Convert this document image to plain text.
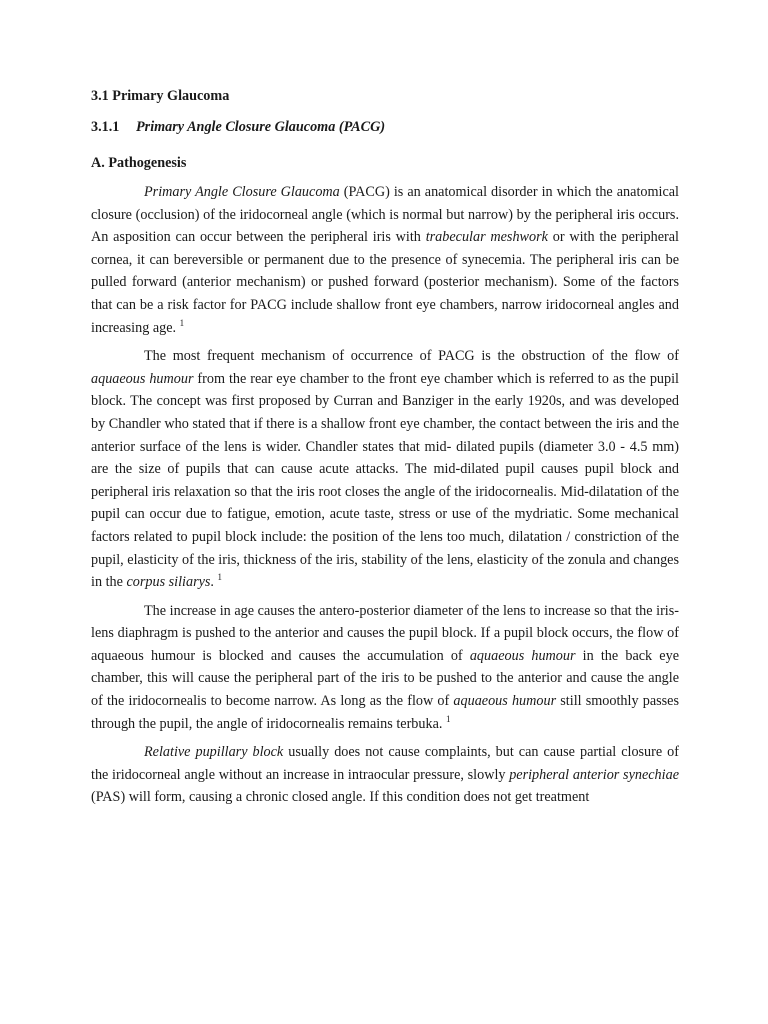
3.1 Primary Glaucoma
3.1.1 Primary Angle Closure Glaucoma (PACG)
A. Pathogenesis

Primary Angle Closure Glaucoma (PACG) is an anatomical disorder in which the anatomical closure (occlusion) of the iridocorneal angle (which is normal but narrow) by the peripheral iris occurs. An asposition can occur between the peripheral iris with trabecular meshwork or with the peripheral cornea, it can bereversible or permanent due to the presence of synecemia. The peripheral iris can be pulled forward (anterior mechanism) or pushed forward (posterior mechanism). Some of the factors that can be a risk factor for PACG include shallow front eye chambers, narrow iridocorneal angles and increasing age. $^1$

The most frequent mechanism of occurrence of PACG is the obstruction of the flow of aquaeous humour from the rear eye chamber to the front eye chamber which is referred to as the pupil block. The concept was first proposed by Curran and Banziger in the early 1920s, and was developed by Chandler who stated that if there is a shallow front eye chamber, the contact between the iris and the anterior surface of the lens is wider. Chandler states that mid- dilated pupils (diameter 3.0 - 4.5 mm) are the size of pupils that can cause acute attacks. The mid-dilated pupil causes pupil block and peripheral iris relaxation so that the iris root closes the angle of the iridocornealis. Mid-dilatation of the pupil can occur due to fatigue, emotion, acute taste, stress or use of the mydriatic. Some mechanical factors related to pupil block include: the position of the lens too much, dilatation / constriction of the pupil, elasticity of the iris, thickness of the iris, stability of the lens, elasticity of the zonula and changes in the corpus siliarys. $^1$

The increase in age causes the antero-posterior diameter of the lens to increase so that the iris-lens diaphragm is pushed to the anterior and causes the pupil block. If a pupil block occurs, the flow of aquaeous humour is blocked and causes the accumulation of aquaeous humour in the back eye chamber, this will cause the peripheral part of the iris to be pushed to the anterior and cause the angle of the iridocornealis to become narrow. As long as the flow of aquaeous humour still smoothly passes through the pupil, the angle of iridocornealis remains terbuka. $^1$

Relative pupillary block usually does not cause complaints, but can cause partial closure of the iridocorneal angle without an increase in intraocular pressure, slowly peripheral anterior synechiae (PAS) will form, causing a chronic closed angle. If this condition does not get treatment
